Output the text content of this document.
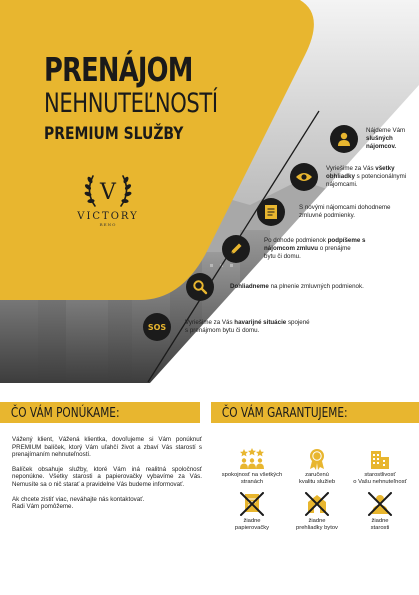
PRENÁJOM
NEHNUTEĽNOSTÍ
PREMIUM SLUŽBY
V
VICTORY
RENO
Nájdeme Vám
slušných
nájomcov.
Vyriešime za Vás všetky
obhliadky s potencionálnymi
nájomcami.
S novými nájomcami dohodneme
zmluvné podmienky.
Po dohode podmienok podpíšeme s
nájomcom zmluvu o prenájme
bytu či domu.
Dohliadneme na plnenie zmluvných podmienok.
SOS
Vyriešime za Vás havarijné situácie spojené
s prenájmom bytu či domu.
ČO VÁM PONÚKAME:	ČO VÁM GARANTUJEME:

Vážený klient, Vážená klientka, dovoľujeme si Vám ponúknuť PREMIUM balíček, ktorý Vám uľahčí život a zbaví Vás starostí s prenajímaním nehnuteľností.

Balíček obsahuje služby, ktoré Vám iná realitná spoločnosť neponúkne. Všetky starosti a papierovačky vybavíme za Vás. Nemusíte sa o nič starať a pravidelne Vás budeme informovať.

Ak chcete zistiť viac, neváhajte nás kontaktovať.
Radi Vám pomôžeme.

spokojnosť na všetkých
stranách
zaručenú
kvalitu služieb
starostlivosť
o Vašu nehnuteľnosť
žiadne
papierovačky
žiadne
prehliadky bytov
žiadne
starosti
